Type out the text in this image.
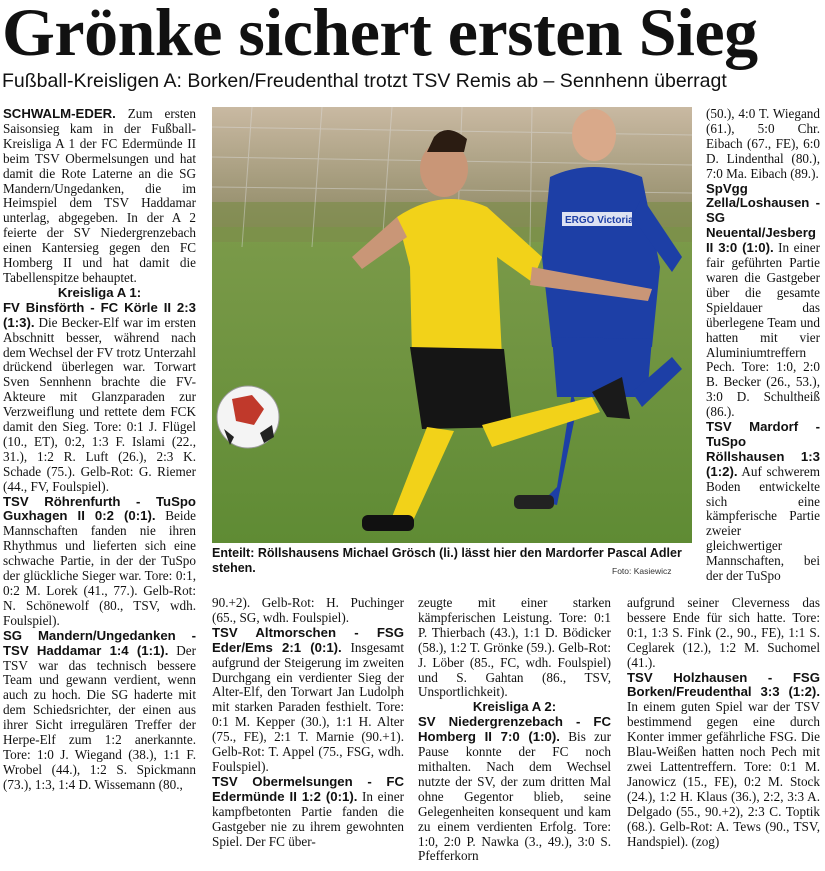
Grönke sichert ersten Sieg
Fußball-Kreisligen A: Borken/Freudenthal trotzt TSV Remis ab – Sennhenn überragt

SCHWALM-EDER. Zum ersten Saisonsieg kam in der Fußball-Kreisliga A 1 der FC Edermünde II beim TSV Obermelsungen und hat damit die Rote Laterne an die SG Mandern/Ungedanken, die im Heimspiel dem TSV Haddamar unterlag, abgegeben. In der A 2 feierte der SV Niedergrenzebach einen Kantersieg gegen den FC Homberg II und hat damit die Tabellenspitze behauptet.

Kreisliga A 1:

FV Binsförth - FC Körle II 2:3 (1:3). Die Becker-Elf war im ersten Abschnitt besser, während nach dem Wechsel der FV trotz Unterzahl drückend überlegen war. Torwart Sven Sennhenn brachte die FV-Akteure mit Glanzparaden zur Verzweiflung und rettete dem FCK damit den Sieg. Tore: 0:1 J. Flügel (10., ET), 0:2, 1:3 F. Islami (22., 31.), 1:2 R. Luft (26.), 2:3 K. Schade (75.). Gelb-Rot: G. Riemer (44., FV, Foulspiel).

TSV Röhrenfurth - TuSpo Guxhagen II 0:2 (0:1). Beide Mannschaften fanden nie ihren Rhythmus und lieferten sich eine schwache Partie, in der der TuSpo der glückliche Sieger war. Tore: 0:1, 0:2 M. Lorek (41., 77.). Gelb-Rot: N. Schönewolf (80., TSV, wdh. Foulspiel).

SG Mandern/Ungedanken - TSV Haddamar 1:4 (1:1). Der TSV war das technisch bessere Team und gewann verdient, wenn auch zu hoch. Die SG haderte mit dem Schiedsrichter, der einen aus ihrer Sicht irregulären Treffer der Herpe-Elf zum 1:2 anerkannte. Tore: 1:0 J. Wiegand (38.), 1:1 F. Wrobel (44.), 1:2 S. Spickmann (73.), 1:3, 1:4 D. Wissemann (80.,

ERGO Victoria
Enteilt: Röllshausens Michael Grösch (li.) lässt hier den Mardorfer Pascal Adler stehen.	Foto: Kasiewicz

(50.), 4:0 T. Wiegand (61.), 5:0 Chr. Eibach (67., FE), 6:0 D. Lindenthal (80.), 7:0 Ma. Eibach (89.).

SpVgg Zella/Loshausen - SG Neuental/Jesberg II 3:0 (1:0). In einer fair geführten Partie waren die Gastgeber über die gesamte Spieldauer das überlegene Team und hatten mit vier Aluminiumtreffern Pech. Tore: 1:0, 2:0 B. Becker (26., 53.), 3:0 D. Schultheiß (86.).

TSV Mardorf - TuSpo Röllshausen 1:3 (1:2). Auf schwerem Boden entwickelte sich eine kämpferische Partie zweier gleichwertiger Mannschaften, bei der der TuSpo

90.+2). Gelb-Rot: H. Puchinger (65., SG, wdh. Foulspiel).

TSV Altmorschen - FSG Eder/Ems 2:1 (0:1). Insgesamt aufgrund der Steigerung im zweiten Durchgang ein verdienter Sieg der Alter-Elf, den Torwart Jan Ludolph mit starken Paraden festhielt. Tore: 0:1 M. Kepper (30.), 1:1 H. Alter (75., FE), 2:1 T. Marnie (90.+1). Gelb-Rot: T. Appel (75., FSG, wdh. Foulspiel).

TSV Obermelsungen - FC Edermünde II 1:2 (0:1). In einer kampfbetonten Partie fanden die Gastgeber nie zu ihrem gewohnten Spiel. Der FC über-

zeugte mit einer starken kämpferischen Leistung. Tore: 0:1 P. Thierbach (43.), 1:1 D. Bödicker (58.), 1:2 T. Grönke (59.). Gelb-Rot: J. Löber (85., FC, wdh. Foulspiel) und S. Gahtan (86., TSV, Unsportlichkeit).

Kreisliga A 2:

SV Niedergrenzebach - FC Homberg II 7:0 (1:0). Bis zur Pause konnte der FC noch mithalten. Nach dem Wechsel nutzte der SV, der zum dritten Mal ohne Gegentor blieb, seine Gelegenheiten konsequent und kam zu einem verdienten Erfolg. Tore: 1:0, 2:0 P. Nawka (3., 49.), 3:0 S. Pfefferkorn

aufgrund seiner Cleverness das bessere Ende für sich hatte. Tore: 0:1, 1:3 S. Fink (2., 90., FE), 1:1 S. Ceglarek (12.), 1:2 M. Suchomel (41.).

TSV Holzhausen - FSG Borken/Freudenthal 3:3 (1:2). In einem guten Spiel war der TSV bestimmend gegen eine durch Konter immer gefährliche FSG. Die Blau-Weißen hatten noch Pech mit zwei Lattentreffern. Tore: 0:1 M. Janowicz (15., FE), 0:2 M. Stock (24.), 1:2 H. Klaus (36.), 2:2, 3:3 A. Delgado (55., 90.+2), 2:3 C. Toptik (68.). Gelb-Rot: A. Tews (90., TSV, Handspiel). (zog)
